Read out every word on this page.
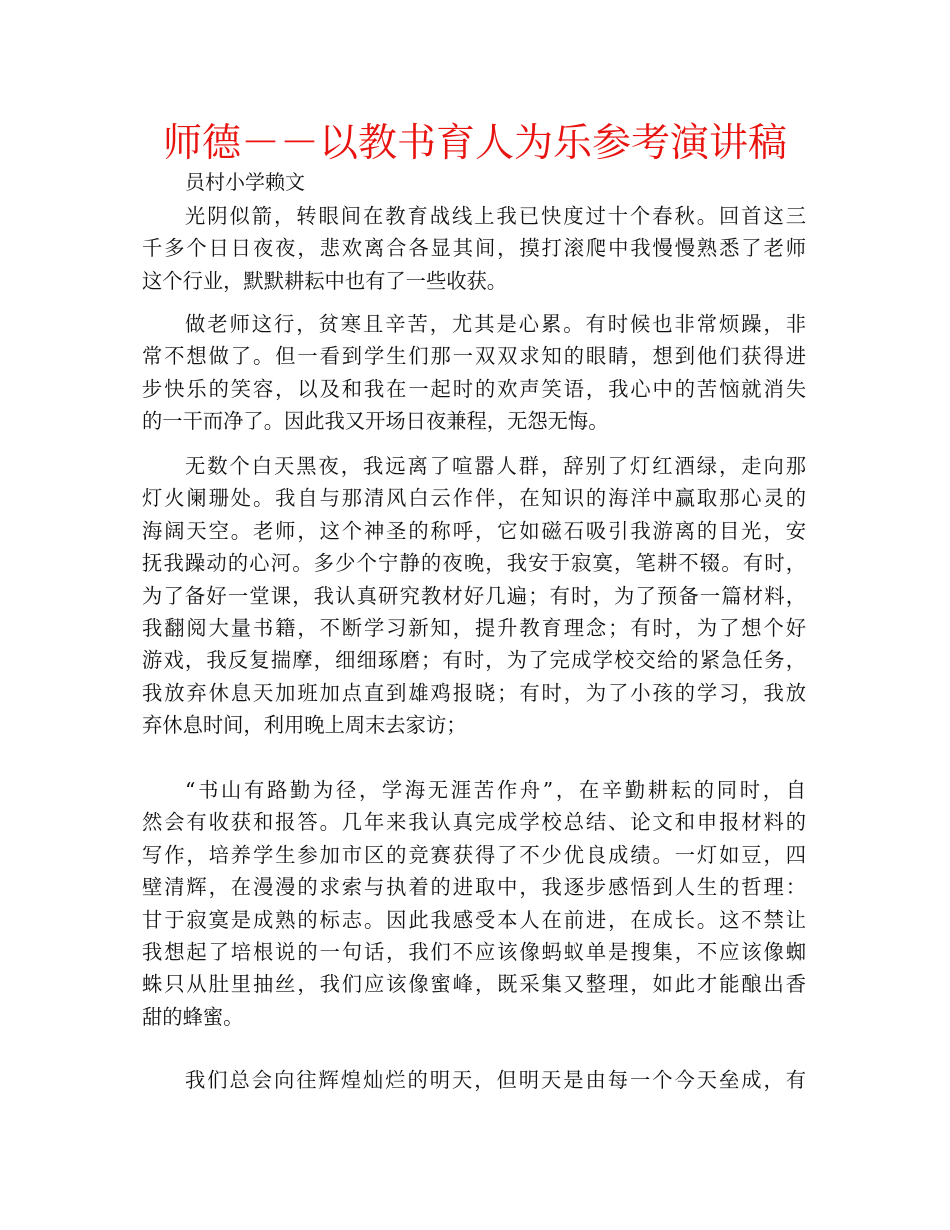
师德－－以教书育人为乐参考演讲稿
员村小学赖文
光阴似箭，转眼间在教育战线上我已快度过十个春秋。回首这三
千多个日日夜夜，悲欢离合各显其间，摸打滚爬中我慢慢熟悉了老师
这个行业，默默耕耘中也有了一些收获。
做老师这行，贫寒且辛苦，尤其是心累。有时候也非常烦躁，非
常不想做了。但一看到学生们那一双双求知的眼睛，想到他们获得进
步快乐的笑容，以及和我在一起时的欢声笑语，我心中的苦恼就消失
的一干而净了。因此我又开场日夜兼程，无怨无悔。
无数个白天黑夜，我远离了喧嚣人群，辞别了灯红酒绿，走向那
灯火阑珊处。我自与那清风白云作伴，在知识的海洋中赢取那心灵的
海阔天空。老师，这个神圣的称呼，它如磁石吸引我游离的目光，安
抚我躁动的心河。多少个宁静的夜晚，我安于寂寞，笔耕不辍。有时，
为了备好一堂课，我认真研究教材好几遍；有时，为了预备一篇材料，
我翻阅大量书籍，不断学习新知，提升教育理念；有时，为了想个好
游戏，我反复揣摩，细细琢磨；有时，为了完成学校交给的紧急任务，
我放弃休息天加班加点直到雄鸡报晓；有时，为了小孩的学习，我放
弃休息时间，利用晚上周末去家访；
“书山有路勤为径，学海无涯苦作舟”，在辛勤耕耘的同时，自
然会有收获和报答。几年来我认真完成学校总结、论文和申报材料的
写作，培养学生参加市区的竞赛获得了不少优良成绩。一灯如豆，四
壁清辉，在漫漫的求索与执着的进取中，我逐步感悟到人生的哲理：
甘于寂寞是成熟的标志。因此我感受本人在前进，在成长。这不禁让
我想起了培根说的一句话，我们不应该像蚂蚁单是搜集，不应该像蜘
蛛只从肚里抽丝，我们应该像蜜峰，既采集又整理，如此才能酿出香
甜的蜂蜜。
我们总会向往辉煌灿烂的明天，但明天是由每一个今天垒成，有
